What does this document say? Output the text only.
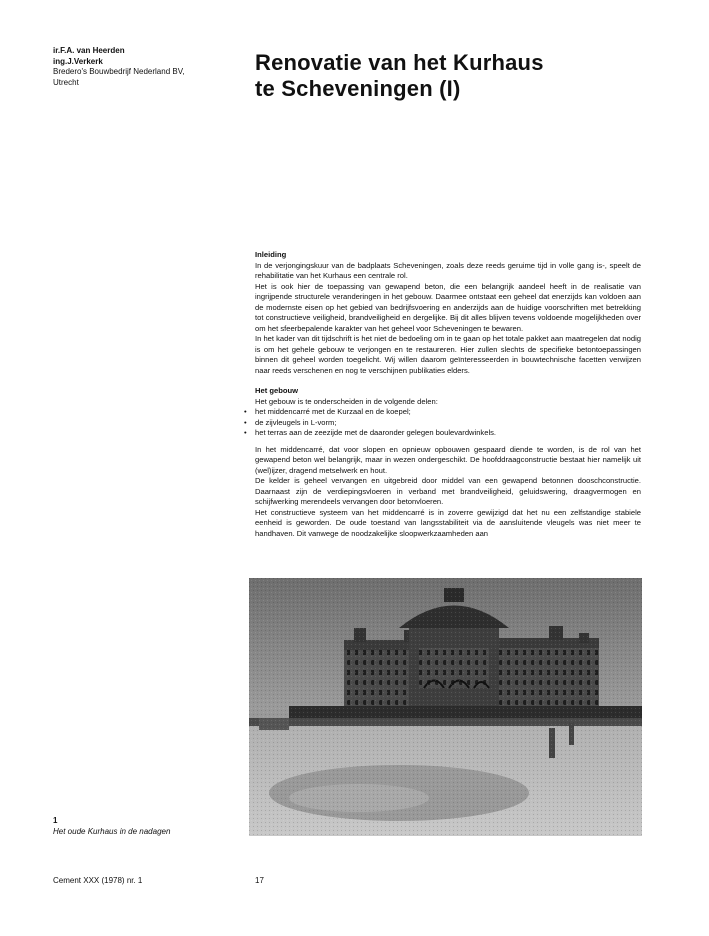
ir.F.A. van Heerden
ing.J.Verkerk
Bredero's Bouwbedrijf Nederland BV,
Utrecht
Renovatie van het Kurhaus
te Scheveningen (I)

Inleiding

In de verjongingskuur van de badplaats Scheveningen, zoals deze reeds geruime tijd in volle gang is-, speelt de rehabilitatie van het Kurhaus een centrale rol.

Het is ook hier de toepassing van gewapend beton, die een belangrijk aandeel heeft in de realisatie van ingrijpende structurele veranderingen in het gebouw. Daarmee ontstaat een geheel dat enerzijds kan voldoen aan de modernste eisen op het gebied van bedrijfsvoering en anderzijds aan de huidige voorschriften met betrekking tot constructieve veiligheid, brandveiligheid en dergelijke. Bij dit alles blijven tevens voldoende mogelijkheden over om het sfeerbepalende karakter van het geheel voor Scheveningen te bewaren.

In het kader van dit tijdschrift is het niet de bedoeling om in te gaan op het totale pakket aan maatregelen dat nodig is om het gehele gebouw te verjongen en te restaureren. Hier zullen slechts de specifieke betontoepassingen binnen dit geheel worden toegelicht. Wij willen daarom geïnteresseerden in bouwtechnische facetten verwijzen naar reeds verschenen en nog te verschijnen publikaties elders.

Het gebouw

Het gebouw is te onderscheiden in de volgende delen:

• het middencarré met de Kurzaal en de koepel;
• de zijvleugels in L-vorm;
• het terras aan de zeezijde met de daaronder gelegen boulevardwinkels.

In het middencarré, dat voor slopen en opnieuw opbouwen gespaard diende te worden, is de rol van het gewapend beton wel belangrijk, maar in wezen ondergeschikt. De hoofddraagconstructie bestaat hier namelijk uit (wel)ijzer, dragend metselwerk en hout.

De kelder is geheel vervangen en uitgebreid door middel van een gewapend betonnen dooschconstructie. Daarnaast zijn de verdiepingsvloeren in verband met brandveiligheid, geluidswering, draagvermogen en schijfwerking merendeels vervangen door betonvloeren.

Het constructieve systeem van het middencarré is in zoverre gewijzigd dat het nu een zelfstandige stabiele eenheid is geworden. De oude toestand van langsstabiliteit via de aansluitende vleugels was niet meer te handhaven. Dit vanwege de noodzakelijke sloopwerkzaamheden aan

1
Het oude Kurhaus in de nadagen
Cement XXX (1978) nr. 1	17
